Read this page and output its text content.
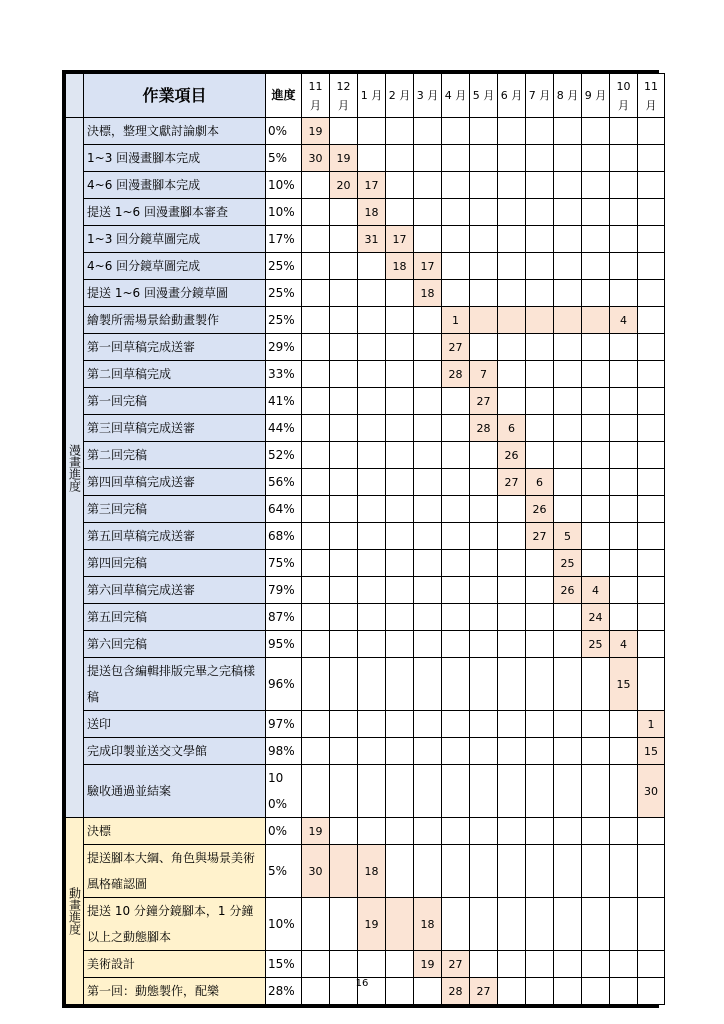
	作業項目	進度	11 月	12 月	1 月	2 月	3 月	4 月	5 月	6 月	7 月	8 月	9 月	10 月	11 月
漫畫進度	決標，整理文獻討論劇本	0%	19												
	1~3 回漫畫腳本完成	5%	30	19											
	4~6 回漫畫腳本完成	10%		20	17										
	提送 1~6 回漫畫腳本審查	10%			18										
	1~3 回分鏡草圖完成	17%			31	17									
	4~6 回分鏡草圖完成	25%				18	17								
	提送 1~6 回漫畫分鏡草圖	25%					18								
	繪製所需場景給動畫製作	25%						1						4	
	第一回草稿完成送審	29%						27							
	第二回草稿完成	33%						28	7						
	第一回完稿	41%							27						
	第三回草稿完成送審	44%							28	6					
	第二回完稿	52%								26					
	第四回草稿完成送審	56%								27	6				
	第三回完稿	64%									26				
	第五回草稿完成送審	68%									27	5			
	第四回完稿	75%										25			
	第六回草稿完成送審	79%										26	4		
	第五回完稿	87%											24		
	第六回完稿	95%											25	4	
	提送包含編輯排版完畢之完稿樣稿	96%												15	
	送印	97%													1
	完成印製並送交文學館	98%													15
	驗收通過並結案	100%													30
動畫進度	決標	0%	19												
	提送腳本大綱、角色與場景美術風格確認圖	5%	30		18										
	提送 10 分鐘分鏡腳本，1 分鐘以上之動態腳本	10%			19		18								
	美術設計	15%					19	27							
	第一回：動態製作，配樂	28%						28	27						
16
